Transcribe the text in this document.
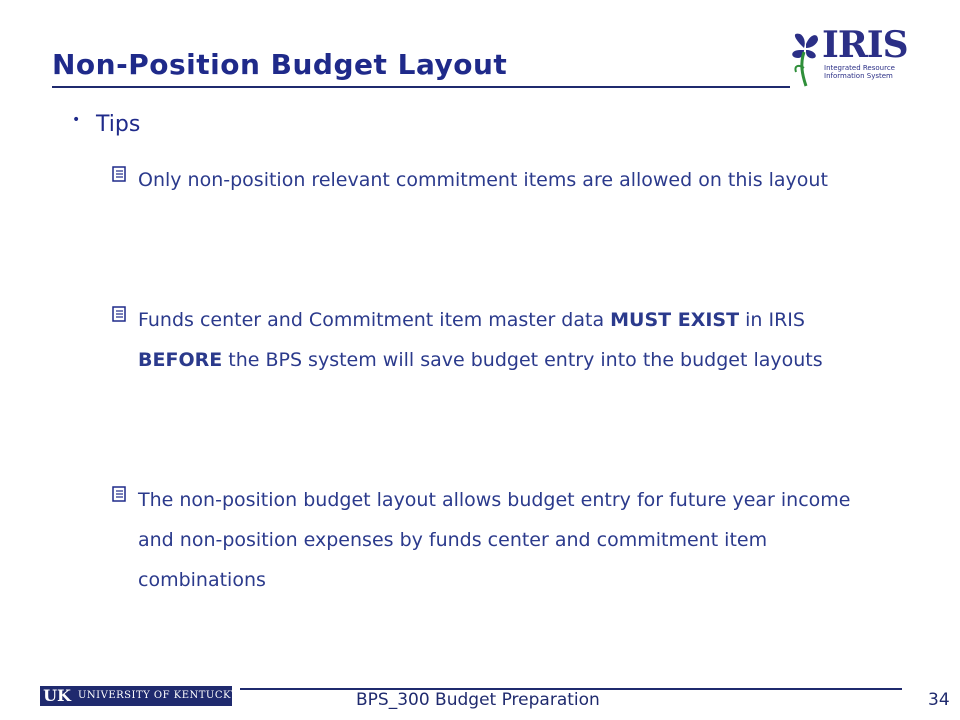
Non-Position Budget Layout	IRIS
Integrated Resource Information System
• Tips
Only non-position relevant commitment items are allowed on this layout
Funds center and Commitment item master data MUST EXIST in IRIS BEFORE the BPS system will save budget entry into the budget layouts
The non-position budget layout allows budget entry for future year income and non-position expenses by funds center and commitment item combinations
UK UNIVERSITY OF KENTUCKY	BPS_300 Budget Preparation	34
